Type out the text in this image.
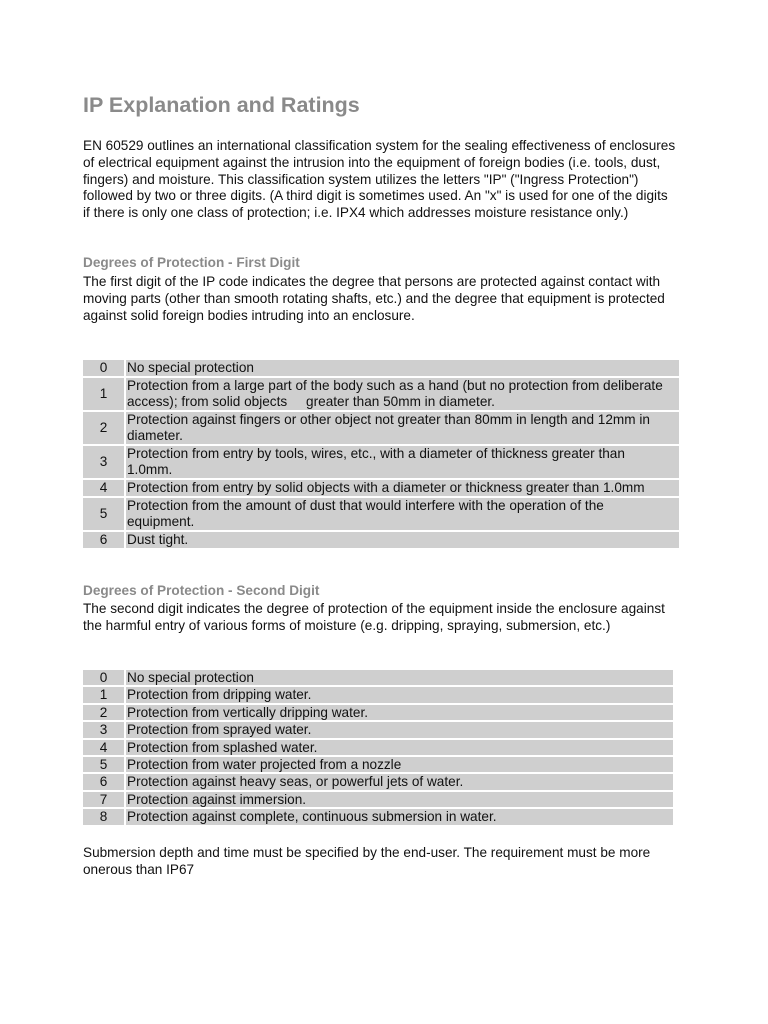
IP Explanation and Ratings

EN 60529 outlines an international classification system for the sealing effectiveness of enclosures
of electrical equipment against the intrusion into the equipment of foreign bodies (i.e. tools, dust,
fingers) and moisture. This classification system utilizes the letters "IP" ("Ingress Protection")
followed by two or three digits. (A third digit is sometimes used. An "x" is used for one of the digits
if there is only one class of protection; i.e. IPX4 which addresses moisture resistance only.)

Degrees of Protection - First Digit

The first digit of the IP code indicates the degree that persons are protected against contact with
moving parts (other than smooth rotating shafts, etc.) and the degree that equipment is protected
against solid foreign bodies intruding into an enclosure.

0	No special protection

1	Protection from a large part of the body such as a hand (but no protection from deliberate
access); from solid objects     greater than 50mm in diameter.

2	Protection against fingers or other object not greater than 80mm in length and 12mm in
diameter.

3	Protection from entry by tools, wires, etc., with a diameter of thickness greater than
1.0mm.

4	Protection from entry by solid objects with a diameter or thickness greater than 1.0mm

5	Protection from the amount of dust that would interfere with the operation of the
equipment.

6	Dust tight.
Degrees of Protection - Second Digit

The second digit indicates the degree of protection of the equipment inside the enclosure against
the harmful entry of various forms of moisture (e.g. dripping, spraying, submersion, etc.)

0	No special protection
1	Protection from dripping water.
2	Protection from vertically dripping water.
3	Protection from sprayed water.
4	Protection from splashed water.
5	Protection from water projected from a nozzle
6	Protection against heavy seas, or powerful jets of water.
7	Protection against immersion.
8	Protection against complete, continuous submersion in water.

Submersion depth and time must be specified by the end-user. The requirement must be more
onerous than IP67
